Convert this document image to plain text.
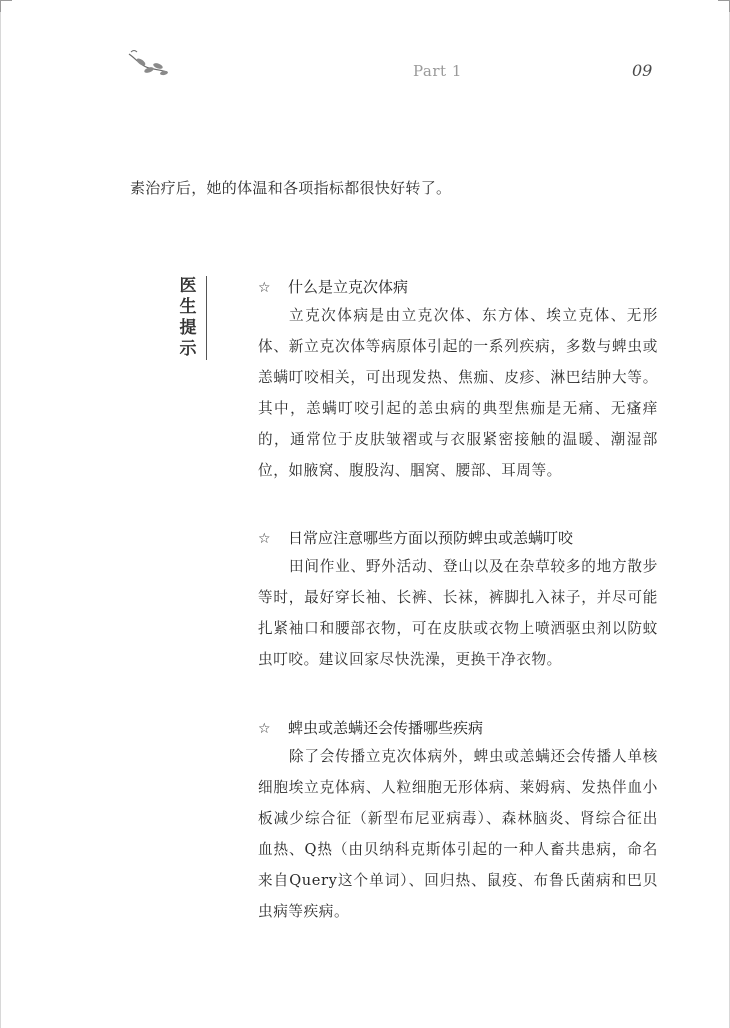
Part 1	09
素治疗后，她的体温和各项指标都很快好转了。
医
生
提
示
☆ 什么是立克次体病

立克次体病是由立克次体、东方体、埃立克体、无形体、新立克次体等病原体引起的一系列疾病，多数与蜱虫或恙螨叮咬相关，可出现发热、焦痂、皮疹、淋巴结肿大等。其中，恙螨叮咬引起的恙虫病的典型焦痂是无痛、无瘙痒的，通常位于皮肤皱褶或与衣服紧密接触的温暖、潮湿部位，如腋窝、腹股沟、腘窝、腰部、耳周等。

☆ 日常应注意哪些方面以预防蜱虫或恙螨叮咬

田间作业、野外活动、登山以及在杂草较多的地方散步等时，最好穿长袖、长裤、长袜，裤脚扎入袜子，并尽可能扎紧袖口和腰部衣物，可在皮肤或衣物上喷洒驱虫剂以防蚊虫叮咬。建议回家尽快洗澡，更换干净衣物。

☆ 蜱虫或恙螨还会传播哪些疾病

除了会传播立克次体病外，蜱虫或恙螨还会传播人单核细胞埃立克体病、人粒细胞无形体病、莱姆病、发热伴血小板减少综合征（新型布尼亚病毒）、森林脑炎、肾综合征出血热、Q热（由贝纳科克斯体引起的一种人畜共患病，命名来自Query这个单词）、回归热、鼠疫、布鲁氏菌病和巴贝虫病等疾病。
